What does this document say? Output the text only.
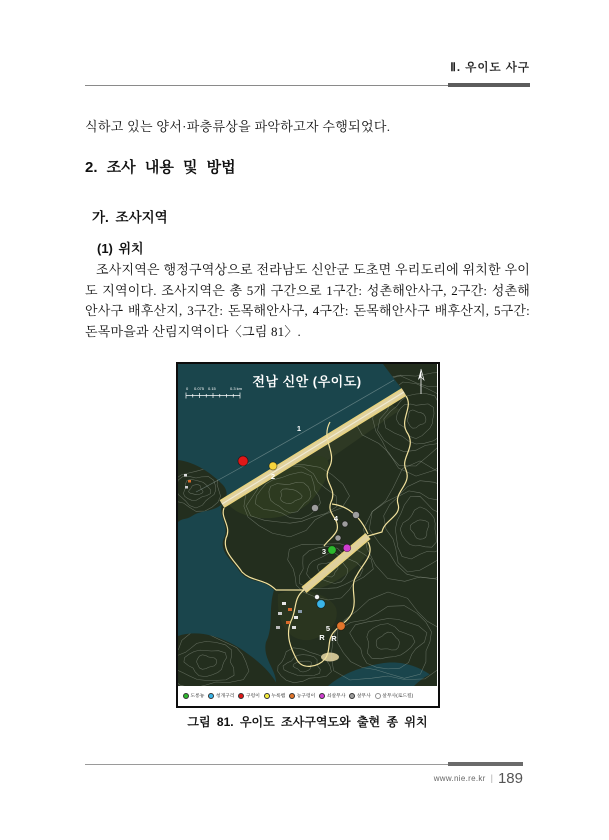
Ⅱ. 우이도 사구
식하고 있는 양서·파충류상을 파악하고자 수행되었다.
2. 조사 내용 및 방법
가. 조사지역
(1) 위치
조사지역은 행정구역상으로 전라남도 신안군 도초면 우리도리에 위치한 우이도 지역이다. 조사지역은 총 5개 구간으로 1구간: 성촌해안사구, 2구간: 성촌해안사구 배후산지, 3구간: 돈목해안사구, 4구간: 돈목해안사구 배후산지, 5구간: 돈목마을과 산림지역이다〈그림 81〉.
전남 신안 (우이도)
0 0.075 0.15	0.3 km
1
2
3
4
5
R R
도롱뇽 청개구리 구렁이 누룩뱀 능구렁이 쇠살무사 살무사 살무사(로드킬)
그림 81. 우이도 조사구역도와 출현 종 위치
www.nie.re.kr | 189
